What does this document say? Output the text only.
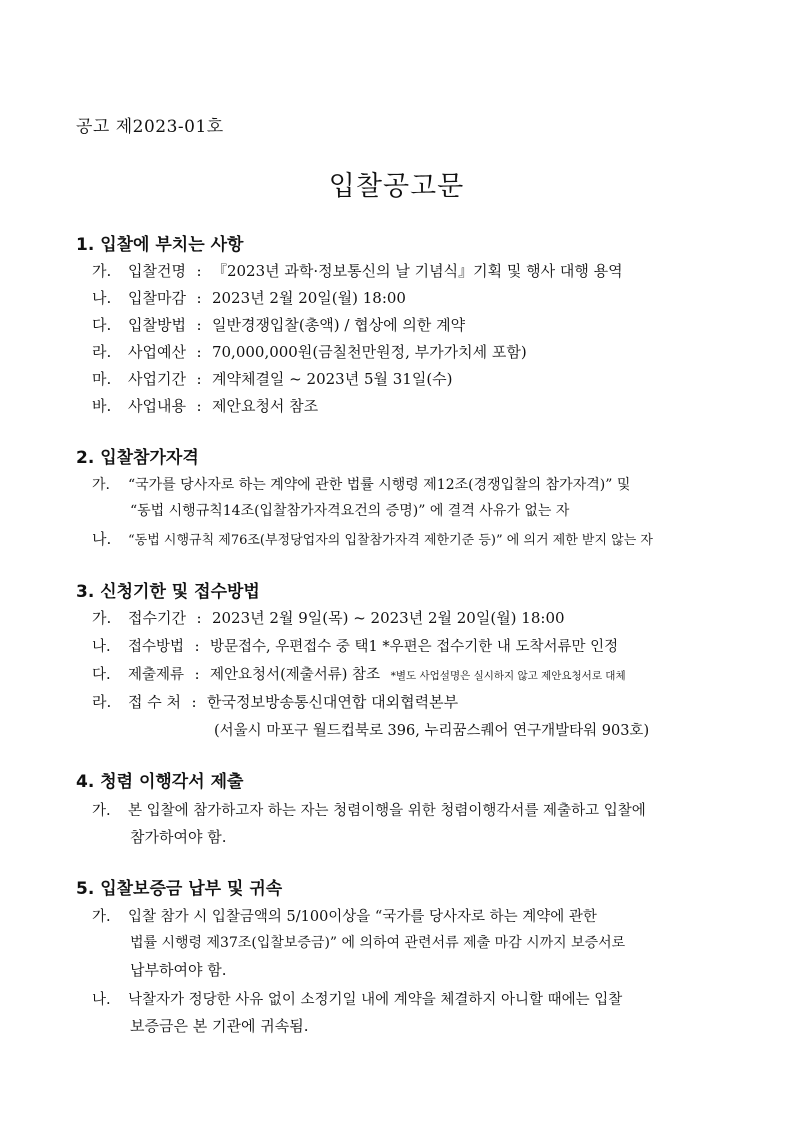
공고 제2023-01호
입찰공고문
1. 입찰에 부치는 사항
가. 입찰건명 : 『2023년 과학·정보통신의 날 기념식』기획 및 행사 대행 용역
나. 입찰마감 : 2023년 2월 20일(월) 18:00
다. 입찰방법 : 일반경쟁입찰(총액) / 협상에 의한 계약
라. 사업예산 : 70,000,000원(금칠천만원정, 부가가치세 포함)
마. 사업기간 : 계약체결일 ~ 2023년 5월 31일(수)
바. 사업내용 : 제안요청서 참조
2. 입찰참가자격
가. “국가를 당사자로 하는 계약에 관한 법률 시행령 제12조(경쟁입찰의 참가자격)” 및
“동법 시행규칙14조(입찰참가자격요건의 증명)” 에 결격 사유가 없는 자
나. “동법 시행규칙 제76조(부정당업자의 입찰참가자격 제한기준 등)” 에 의거 제한 받지 않는 자
3. 신청기한 및 접수방법
가. 접수기간 : 2023년 2월 9일(목) ~ 2023년 2월 20일(월) 18:00
나. 접수방법 : 방문접수, 우편접수 중 택1 *우편은 접수기한 내 도착서류만 인정
다. 제출제류 : 제안요청서(제출서류) 참조 *별도 사업설명은 실시하지 않고 제안요청서로 대체
라. 접 수 처 : 한국정보방송통신대연합 대외협력본부
(서울시 마포구 월드컵북로 396, 누리꿈스퀘어 연구개발타워 903호)
4. 청렴 이행각서 제출
가. 본 입찰에 참가하고자 하는 자는 청렴이행을 위한 청렴이행각서를 제출하고 입찰에
참가하여야 함.
5. 입찰보증금 납부 및 귀속
가. 입찰 참가 시 입찰금액의 5/100이상을 “국가를 당사자로 하는 계약에 관한
법률 시행령 제37조(입찰보증금)” 에 의하여 관련서류 제출 마감 시까지 보증서로
납부하여야 함.
나. 낙찰자가 정당한 사유 없이 소정기일 내에 계약을 체결하지 아니할 때에는 입찰
보증금은 본 기관에 귀속됨.
